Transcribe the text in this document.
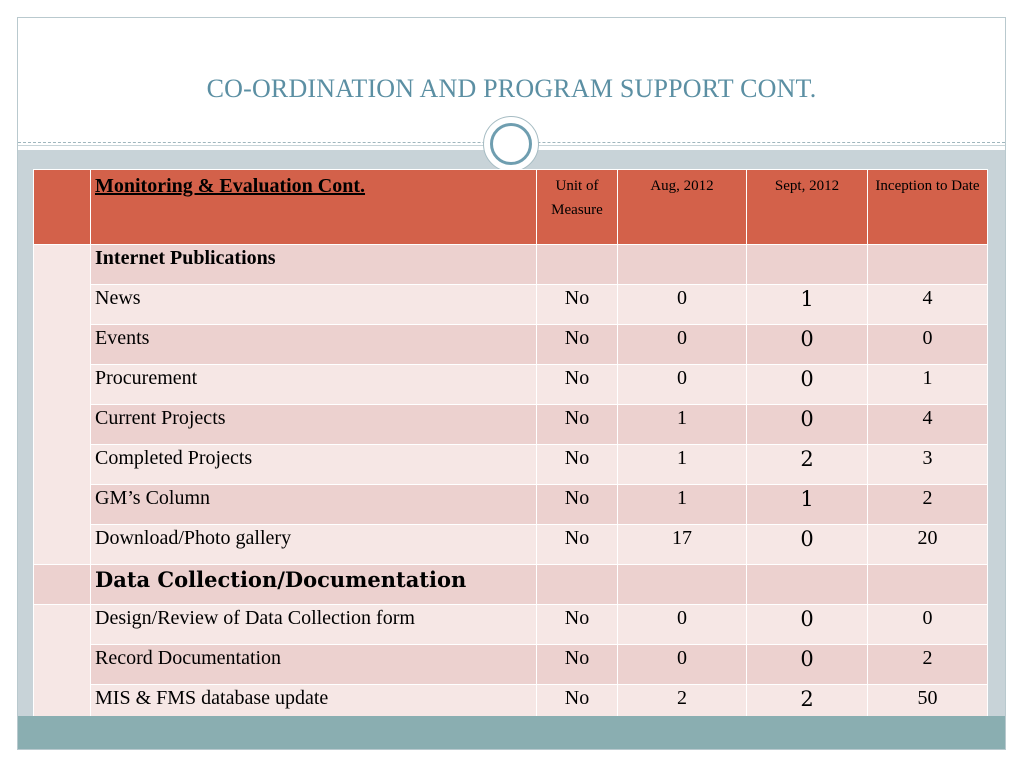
CO-ORDINATION AND PROGRAM SUPPORT CONT.
	Monitoring & Evaluation Cont.	Unit of Measure	Aug, 2012	Sept, 2012	Inception to Date
	Internet Publications				
	News	No	0	1	4
	Events	No	0	0	0
	Procurement	No	0	0	1
	Current Projects	No	1	0	4
	Completed Projects	No	1	2	3
	GM’s Column	No	1	1	2
	Download/Photo gallery	No	17	0	20
	Data Collection/Documentation				
	Design/Review of Data Collection form	No	0	0	0
	Record Documentation	No	0	0	2
	MIS & FMS database update	No	2	2	50
